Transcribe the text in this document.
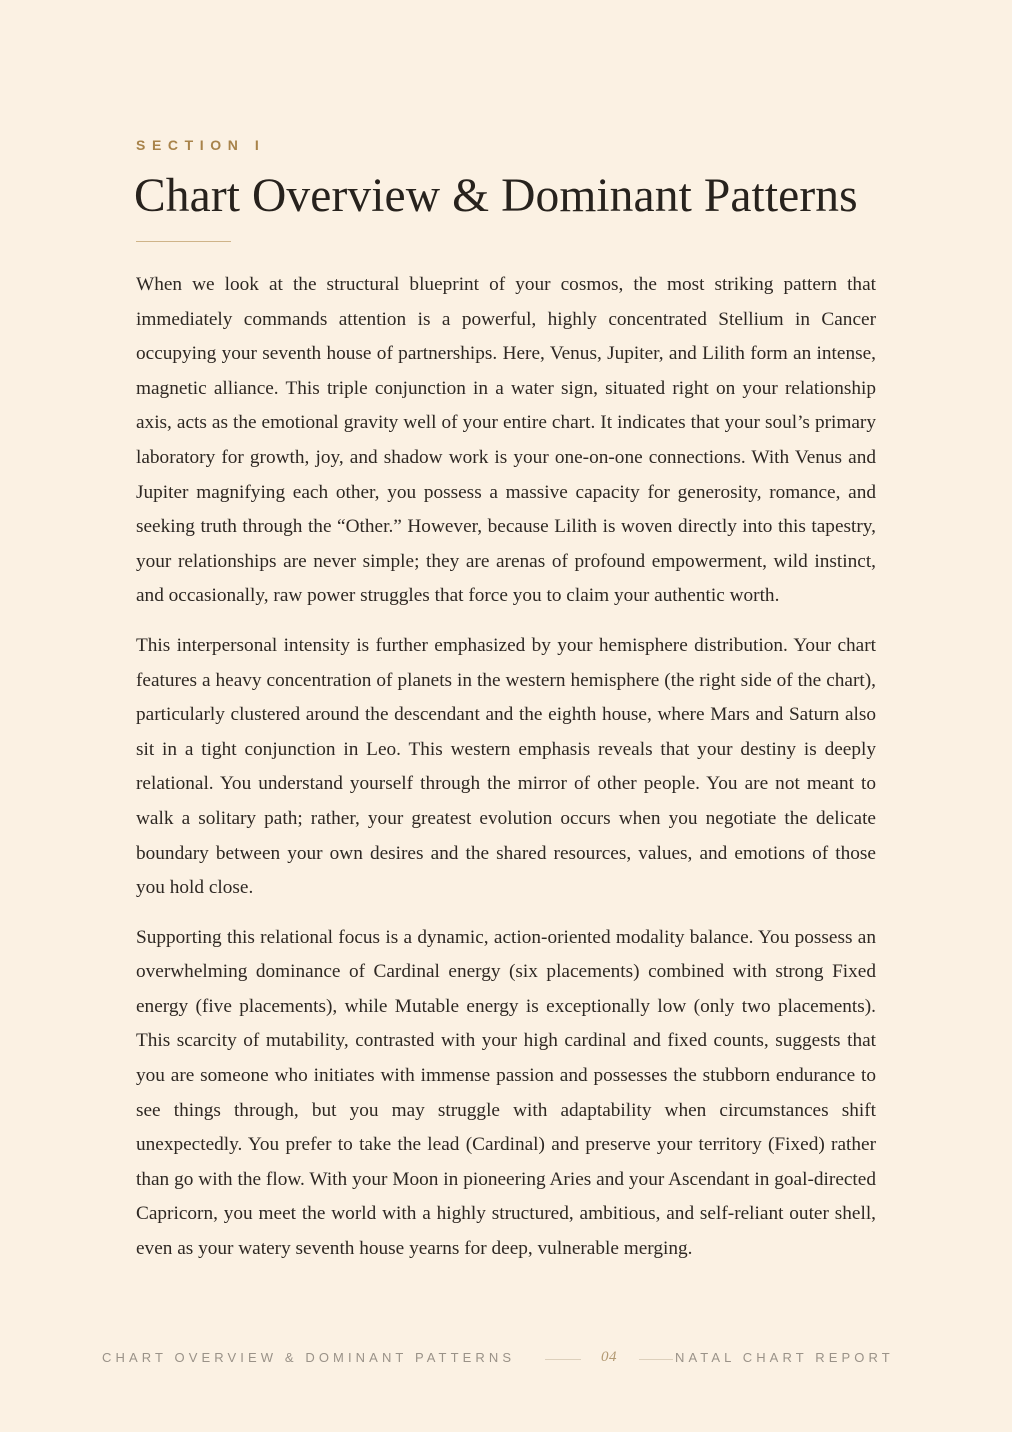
SECTION I
Chart Overview & Dominant Patterns

When we look at the structural blueprint of your cosmos, the most striking pattern that immediately commands attention is a powerful, highly concentrated Stellium in Cancer occupying your seventh house of partnerships. Here, Venus, Jupiter, and Lilith form an intense, magnetic alliance. This triple conjunction in a water sign, situated right on your relationship axis, acts as the emotional gravity well of your entire chart. It indicates that your soul’s primary laboratory for growth, joy, and shadow work is your one-on-one connections. With Venus and Jupiter magnifying each other, you possess a massive capacity for generosity, romance, and seeking truth through the “Other.” However, because Lilith is woven directly into this tapestry, your relationships are never simple; they are arenas of profound empowerment, wild instinct, and occasionally, raw power struggles that force you to claim your authentic worth.

This interpersonal intensity is further emphasized by your hemisphere distribution. Your chart features a heavy concentration of planets in the western hemisphere (the right side of the chart), particularly clustered around the descendant and the eighth house, where Mars and Saturn also sit in a tight conjunction in Leo. This western emphasis reveals that your destiny is deeply relational. You understand yourself through the mirror of other people. You are not meant to walk a solitary path; rather, your greatest evolution occurs when you negotiate the delicate boundary between your own desires and the shared resources, values, and emotions of those you hold close.

Supporting this relational focus is a dynamic, action-oriented modality balance. You possess an overwhelming dominance of Cardinal energy (six placements) combined with strong Fixed energy (five placements), while Mutable energy is exceptionally low (only two placements). This scarcity of mutability, contrasted with your high cardinal and fixed counts, suggests that you are someone who initiates with immense passion and possesses the stubborn endurance to see things through, but you may struggle with adaptability when circumstances shift unexpectedly. You prefer to take the lead (Cardinal) and preserve your territory (Fixed) rather than go with the flow. With your Moon in pioneering Aries and your Ascendant in goal-directed Capricorn, you meet the world with a highly structured, ambitious, and self-reliant outer shell, even as your watery seventh house yearns for deep, vulnerable merging.

CHART OVERVIEW & DOMINANT PATTERNS	04	NATAL CHART REPORT
